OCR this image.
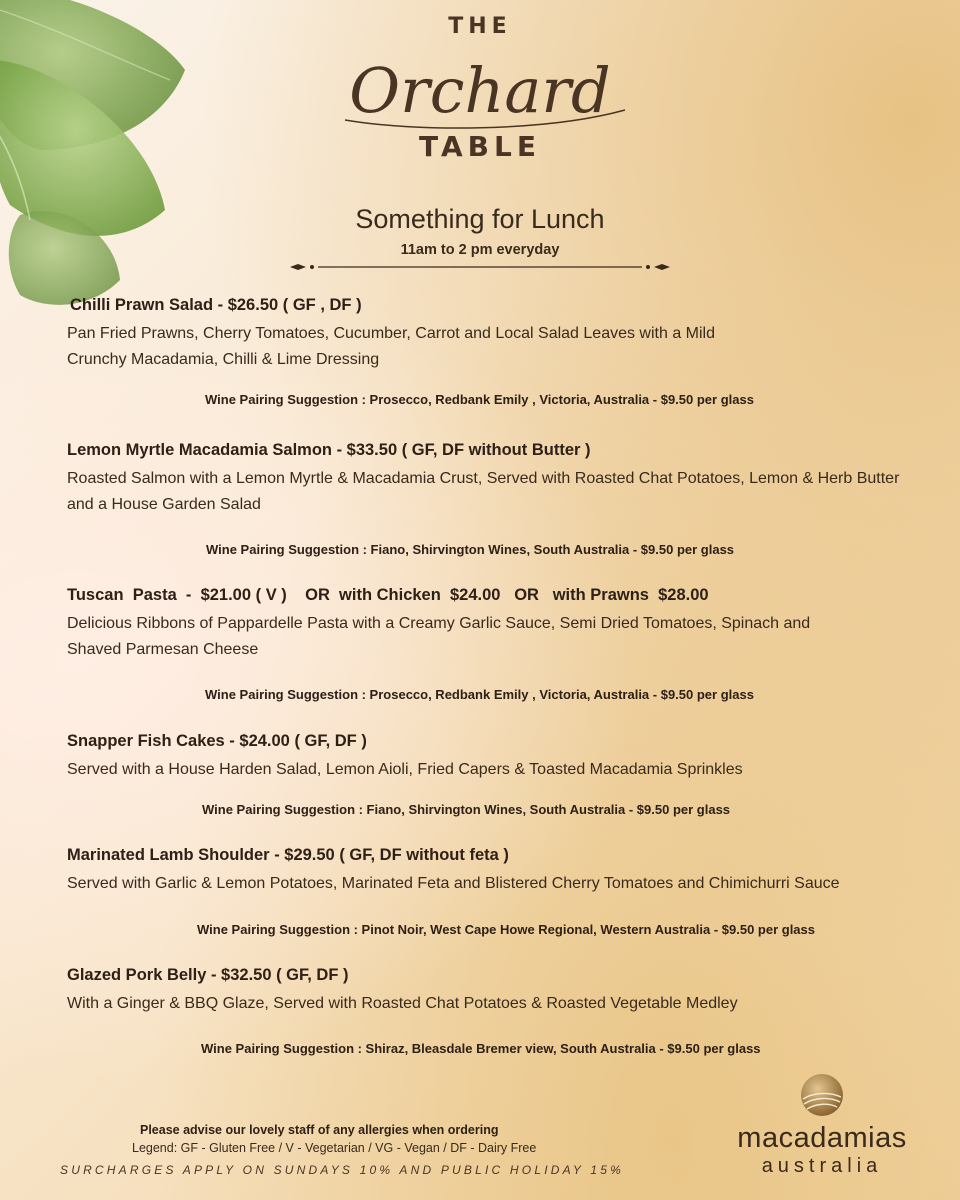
THE
Orchard
TABLE
Something for Lunch
11am to 2 pm everyday
Chilli Prawn Salad - $26.50 ( GF , DF )

Pan Fried Prawns, Cherry Tomatoes, Cucumber, Carrot and Local Salad Leaves with a Mild Crunchy Macadamia, Chilli & Lime Dressing

Wine Pairing Suggestion : Prosecco, Redbank Emily , Victoria, Australia - $9.50 per glass
Lemon Myrtle Macadamia Salmon - $33.50 ( GF, DF without Butter )

Roasted Salmon with a Lemon Myrtle & Macadamia Crust, Served with Roasted Chat Potatoes, Lemon & Herb Butter and a House Garden Salad

Wine Pairing Suggestion : Fiano, Shirvington Wines, South Australia - $9.50 per glass
Tuscan  Pasta  -  $21.00 ( V )    OR  with Chicken  $24.00   OR   with Prawns  $28.00

Delicious Ribbons of Pappardelle Pasta with a Creamy Garlic Sauce, Semi Dried Tomatoes, Spinach and Shaved Parmesan Cheese

Wine Pairing Suggestion : Prosecco, Redbank Emily , Victoria, Australia - $9.50 per glass
Snapper Fish Cakes - $24.00 ( GF, DF )

Served with a House Harden Salad, Lemon Aioli, Fried Capers & Toasted Macadamia Sprinkles

Wine Pairing Suggestion : Fiano, Shirvington Wines, South Australia - $9.50 per glass
Marinated Lamb Shoulder - $29.50 ( GF, DF without feta )

Served with Garlic & Lemon Potatoes, Marinated Feta and Blistered Cherry Tomatoes and Chimichurri Sauce

Wine Pairing Suggestion : Pinot Noir, West Cape Howe Regional, Western Australia - $9.50 per glass
Glazed Pork Belly - $32.50 ( GF, DF )

With a Ginger & BBQ Glaze, Served with Roasted Chat Potatoes & Roasted Vegetable Medley

Wine Pairing Suggestion : Shiraz, Bleasdale Bremer view, South Australia - $9.50 per glass
Please advise our lovely staff of any allergies when ordering
Legend: GF - Gluten Free / V - Vegetarian / VG - Vegan / DF - Dairy Free
SURCHARGES APPLY ON SUNDAYS 10% AND PUBLIC HOLIDAY 15%
macadamias
australia
